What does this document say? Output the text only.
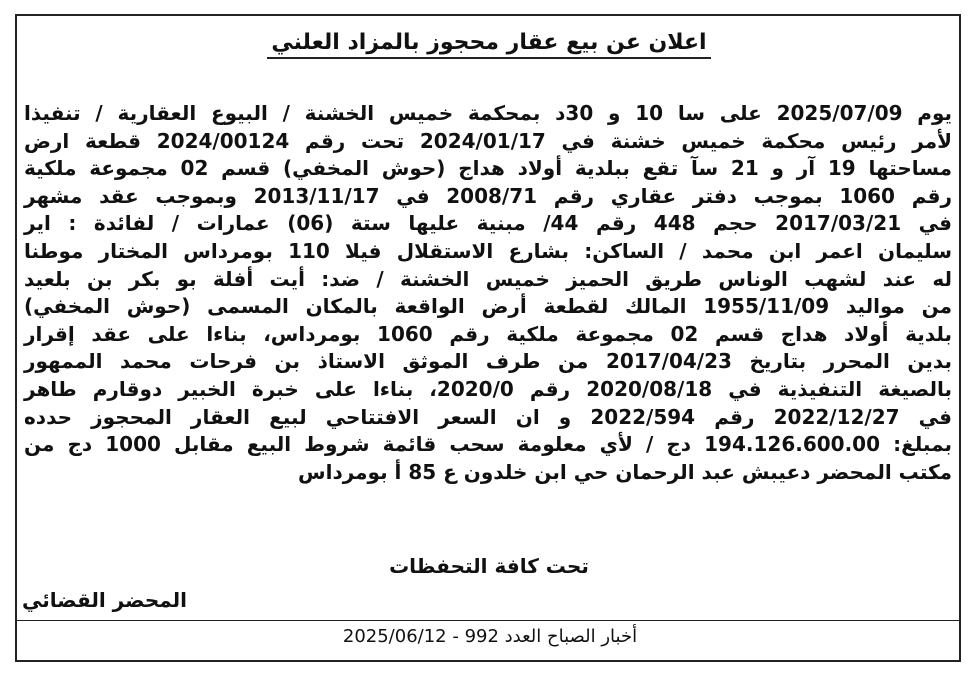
اعلان عن بيع عقار محجوز بالمزاد العلني
يوم 2025/07/09 على سا 10 و 30د بمحكمة خميس الخشنة / البيوع العقارية / تنفيذا
لأمر رئيس محكمة خميس خشنة في 2024/01/17 تحت رقم 2024/00124 قطعة ارض
مساحتها 19 آر و 21 سآ تقع ببلدية أولاد هداج (حوش المخفي) قسم 02 مجموعة ملكية
رقم 1060 بموجب دفتر عقاري رقم 2008/71 في 2013/11/17 وبموجب عقد مشهر
في 2017/03/21 حجم 448 رقم 44/ مبنية عليها ستة (06) عمارات / لفائدة : اير
سليمان اعمر ابن محمد / الساكن: بشارع الاستقلال فيلا 110 بومرداس المختار موطنا
له عند لشهب الوناس طريق الحميز خميس الخشنة / ضد: أيت أفلة بو بكر بن بلعيد
من مواليد 1955/11/09 المالك لقطعة أرض الواقعة بالمكان المسمى (حوش المخفي)
بلدية أولاد هداج قسم 02 مجموعة ملكية رقم 1060 بومرداس، بناءا على عقد إقرار
بدين المحرر بتاريخ 2017/04/23 من طرف الموثق الاستاذ بن فرحات محمد الممهور
بالصيغة التنفيذية في 2020/08/18 رقم 2020/0، بناءا على خبرة الخبير دوقارم طاهر
في 2022/12/27 رقم 2022/594 و ان السعر الافتتاحي لبيع العقار المحجوز حدده
بمبلغ: 194.126.600.00 دج / لأي معلومة سحب قائمة شروط البيع مقابل 1000 دج من
مكتب المحضر دعيبش عبد الرحمان حي ابن خلدون ع 85 أ بومرداس
تحت كافة التحفظات
المحضر القضائي
أخبار الصباح العدد 992 - 2025/06/12
